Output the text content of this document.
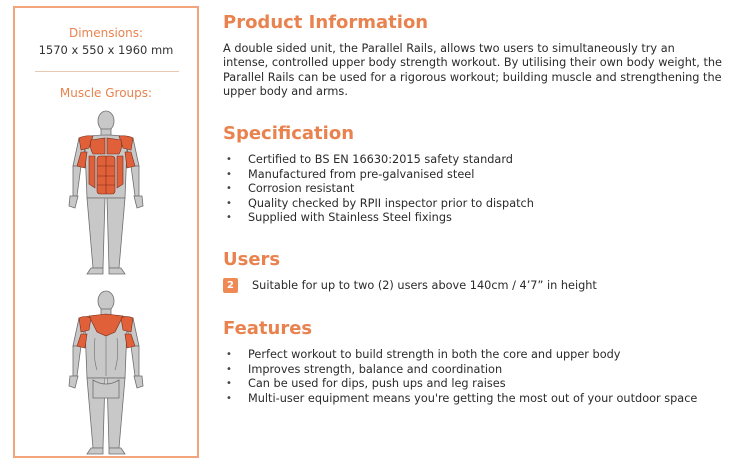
Dimensions:
1570 x 550 x 1960 mm
Muscle Groups:
Product Information

A double sided unit, the Parallel Rails, allows two users to simultaneously try an intense, controlled upper body strength workout. By utilising their own body weight, the Parallel Rails can be used for a rigorous workout; building muscle and strengthening the upper body and arms.

Specification
• Certified to BS EN 16630:2015 safety standard
• Manufactured from pre-galvanised steel
• Corrosion resistant
• Quality checked by RPII inspector prior to dispatch
• Supplied with Stainless Steel fixings
Users
2	Suitable for up to two (2) users above 140cm / 4’7” in height
Features
• Perfect workout to build strength in both the core and upper body
• Improves strength, balance and coordination
• Can be used for dips, push ups and leg raises
• Multi-user equipment means you're getting the most out of your outdoor space
